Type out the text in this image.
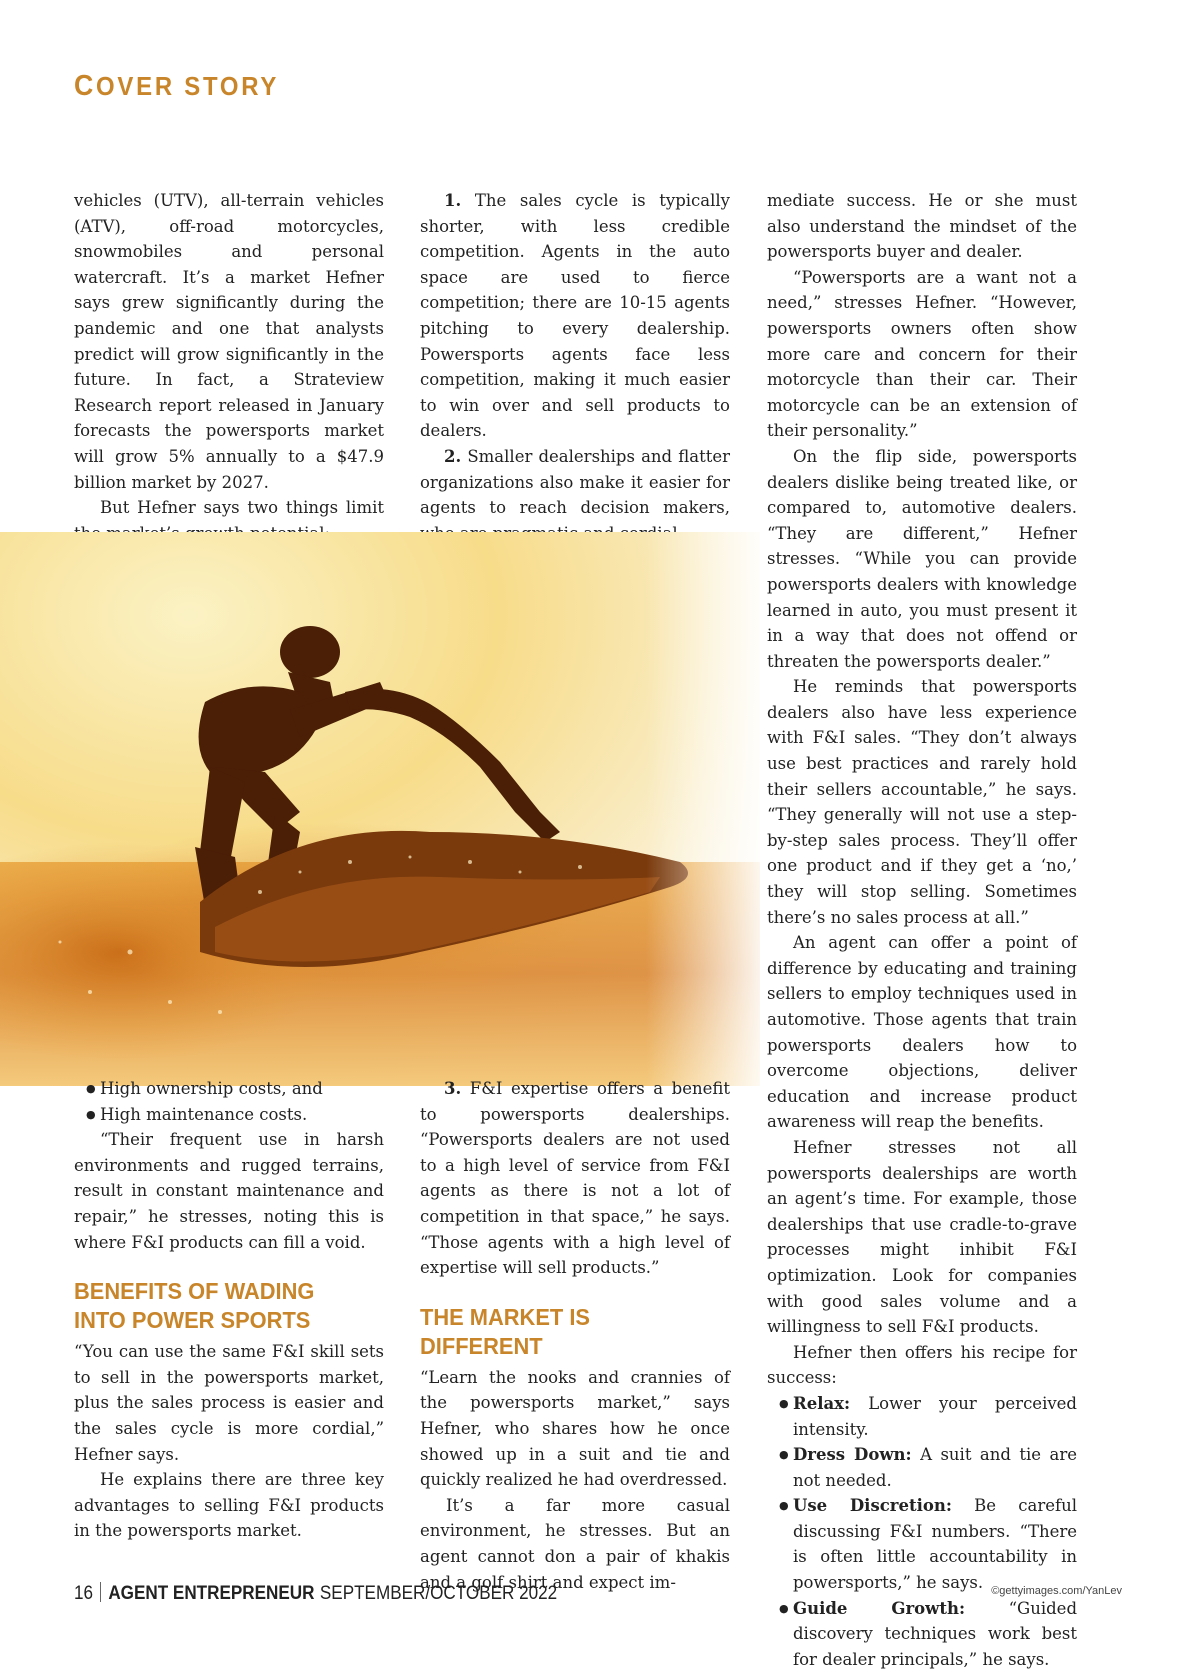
COVER STORY

vehicles (UTV), all-terrain vehicles (ATV), off-road motorcycles, snowmobiles and personal watercraft. It’s a market Hefner says grew significantly during the pandemic and one that analysts predict will grow significantly in the future. In fact, a Strateview Research report released in January forecasts the powersports market will grow 5% annually to a $47.9 billion market by 2027.

But Hefner says two things limit

1. The sales cycle is typically shorter, with less credible competition. Agents in the auto space are used to fierce competition; there are 10-15 agents pitching to every dealership. Powersports agents face less competition, making it much easier to win over and sell products to dealers.

2. Smaller dealerships and flatter organizations also make it easier for agents to reach decision makers,

● High ownership costs, and
● High maintenance costs.

“Their frequent use in harsh environments and rugged terrains, result in constant maintenance and repair,” he stresses, noting this is where F&I products can fill a void.

BENEFITS OF WADING
INTO POWER SPORTS

“You can use the same F&I skill sets to sell in the powersports market, plus the sales process is easier and the sales cycle is more cordial,” Hefner says.

He explains there are three key advantages to selling F&I products in the powersports market.

3. F&I expertise offers a benefit to powersports dealerships. “Powersports dealers are not used to a high level of service from F&I agents as there is not a lot of competition in that space,” he says. “Those agents with a high level of expertise will sell products.”

THE MARKET IS DIFFERENT

“Learn the nooks and crannies of the powersports market,” says Hefner, who shares how he once showed up in a suit and tie and quickly realized he had overdressed.

It’s a far more casual environment, he stresses. But an agent cannot don a pair of khakis and a golf shirt and expect im-

mediate success. He or she must also understand the mindset of the powersports buyer and dealer.

“Powersports are a want not a need,” stresses Hefner. “However, powersports owners often show more care and concern for their motorcycle than their car. Their motorcycle can be an extension of their personality.”

On the flip side, powersports dealers dislike being treated like, or compared to, automotive dealers. “They are different,” Hefner stresses. “While you can provide powersports dealers with knowledge learned in auto, you must present it in a way that does not offend or threaten the powersports dealer.”

He reminds that powersports dealers also have less experience with F&I sales. “They don’t always use best practices and rarely hold their sellers accountable,” he says. “They generally will not use a step-by-step sales process. They’ll offer one product and if they get a ‘no,’ they will stop selling. Sometimes there’s no sales process at all.”

An agent can offer a point of difference by educating and training sellers to employ techniques used in automotive. Those agents that train powersports dealers how to overcome objections, deliver education and increase product awareness will reap the benefits.

Hefner stresses not all powersports dealerships are worth an agent’s time. For example, those dealerships that use cradle-to-grave processes might inhibit F&I optimization. Look for companies with good sales volume and a willingness to sell F&I products.

Hefner then offers his recipe for success:

● Relax: Lower your perceived intensity.
● Dress Down: A suit and tie are not needed.
● Use Discretion: Be careful discussing F&I numbers. “There is often little accountability in powersports,” he says.
● Guide Growth:	“Guided discovery techniques work best for dealer principals,” he says.
16 AGENT ENTREPRENEUR SEPTEMBER/OCTOBER 2022	©gettyimages.com/YanLev
